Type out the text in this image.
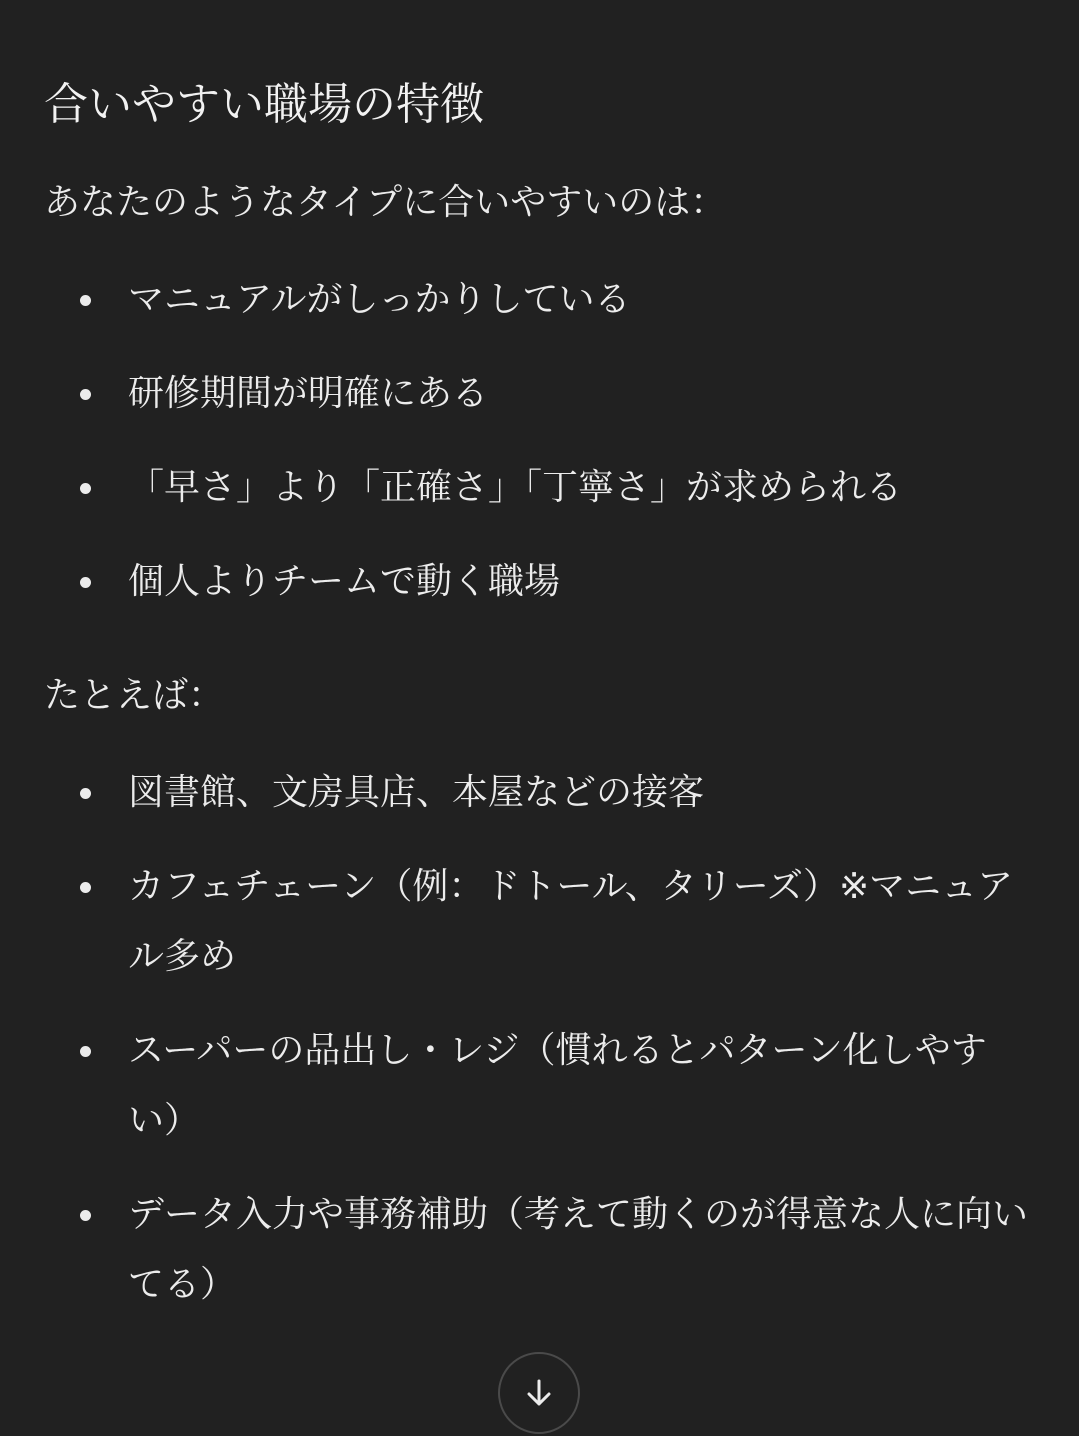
合いやすい職場の特徴

あなたのようなタイプに合いやすいのは：

マニュアルがしっかりしている
研修期間が明確にある
「早さ」より「正確さ」「丁寧さ」が求められる
個人よりチームで動く職場

たとえば：

図書館、文房具店、本屋などの接客
カフェチェーン（例：ドトール、タリーズ）※マニュアル多め
スーパーの品出し・レジ（慣れるとパターン化しやすい）
データ入力や事務補助（考えて動くのが得意な人に向いてる）
